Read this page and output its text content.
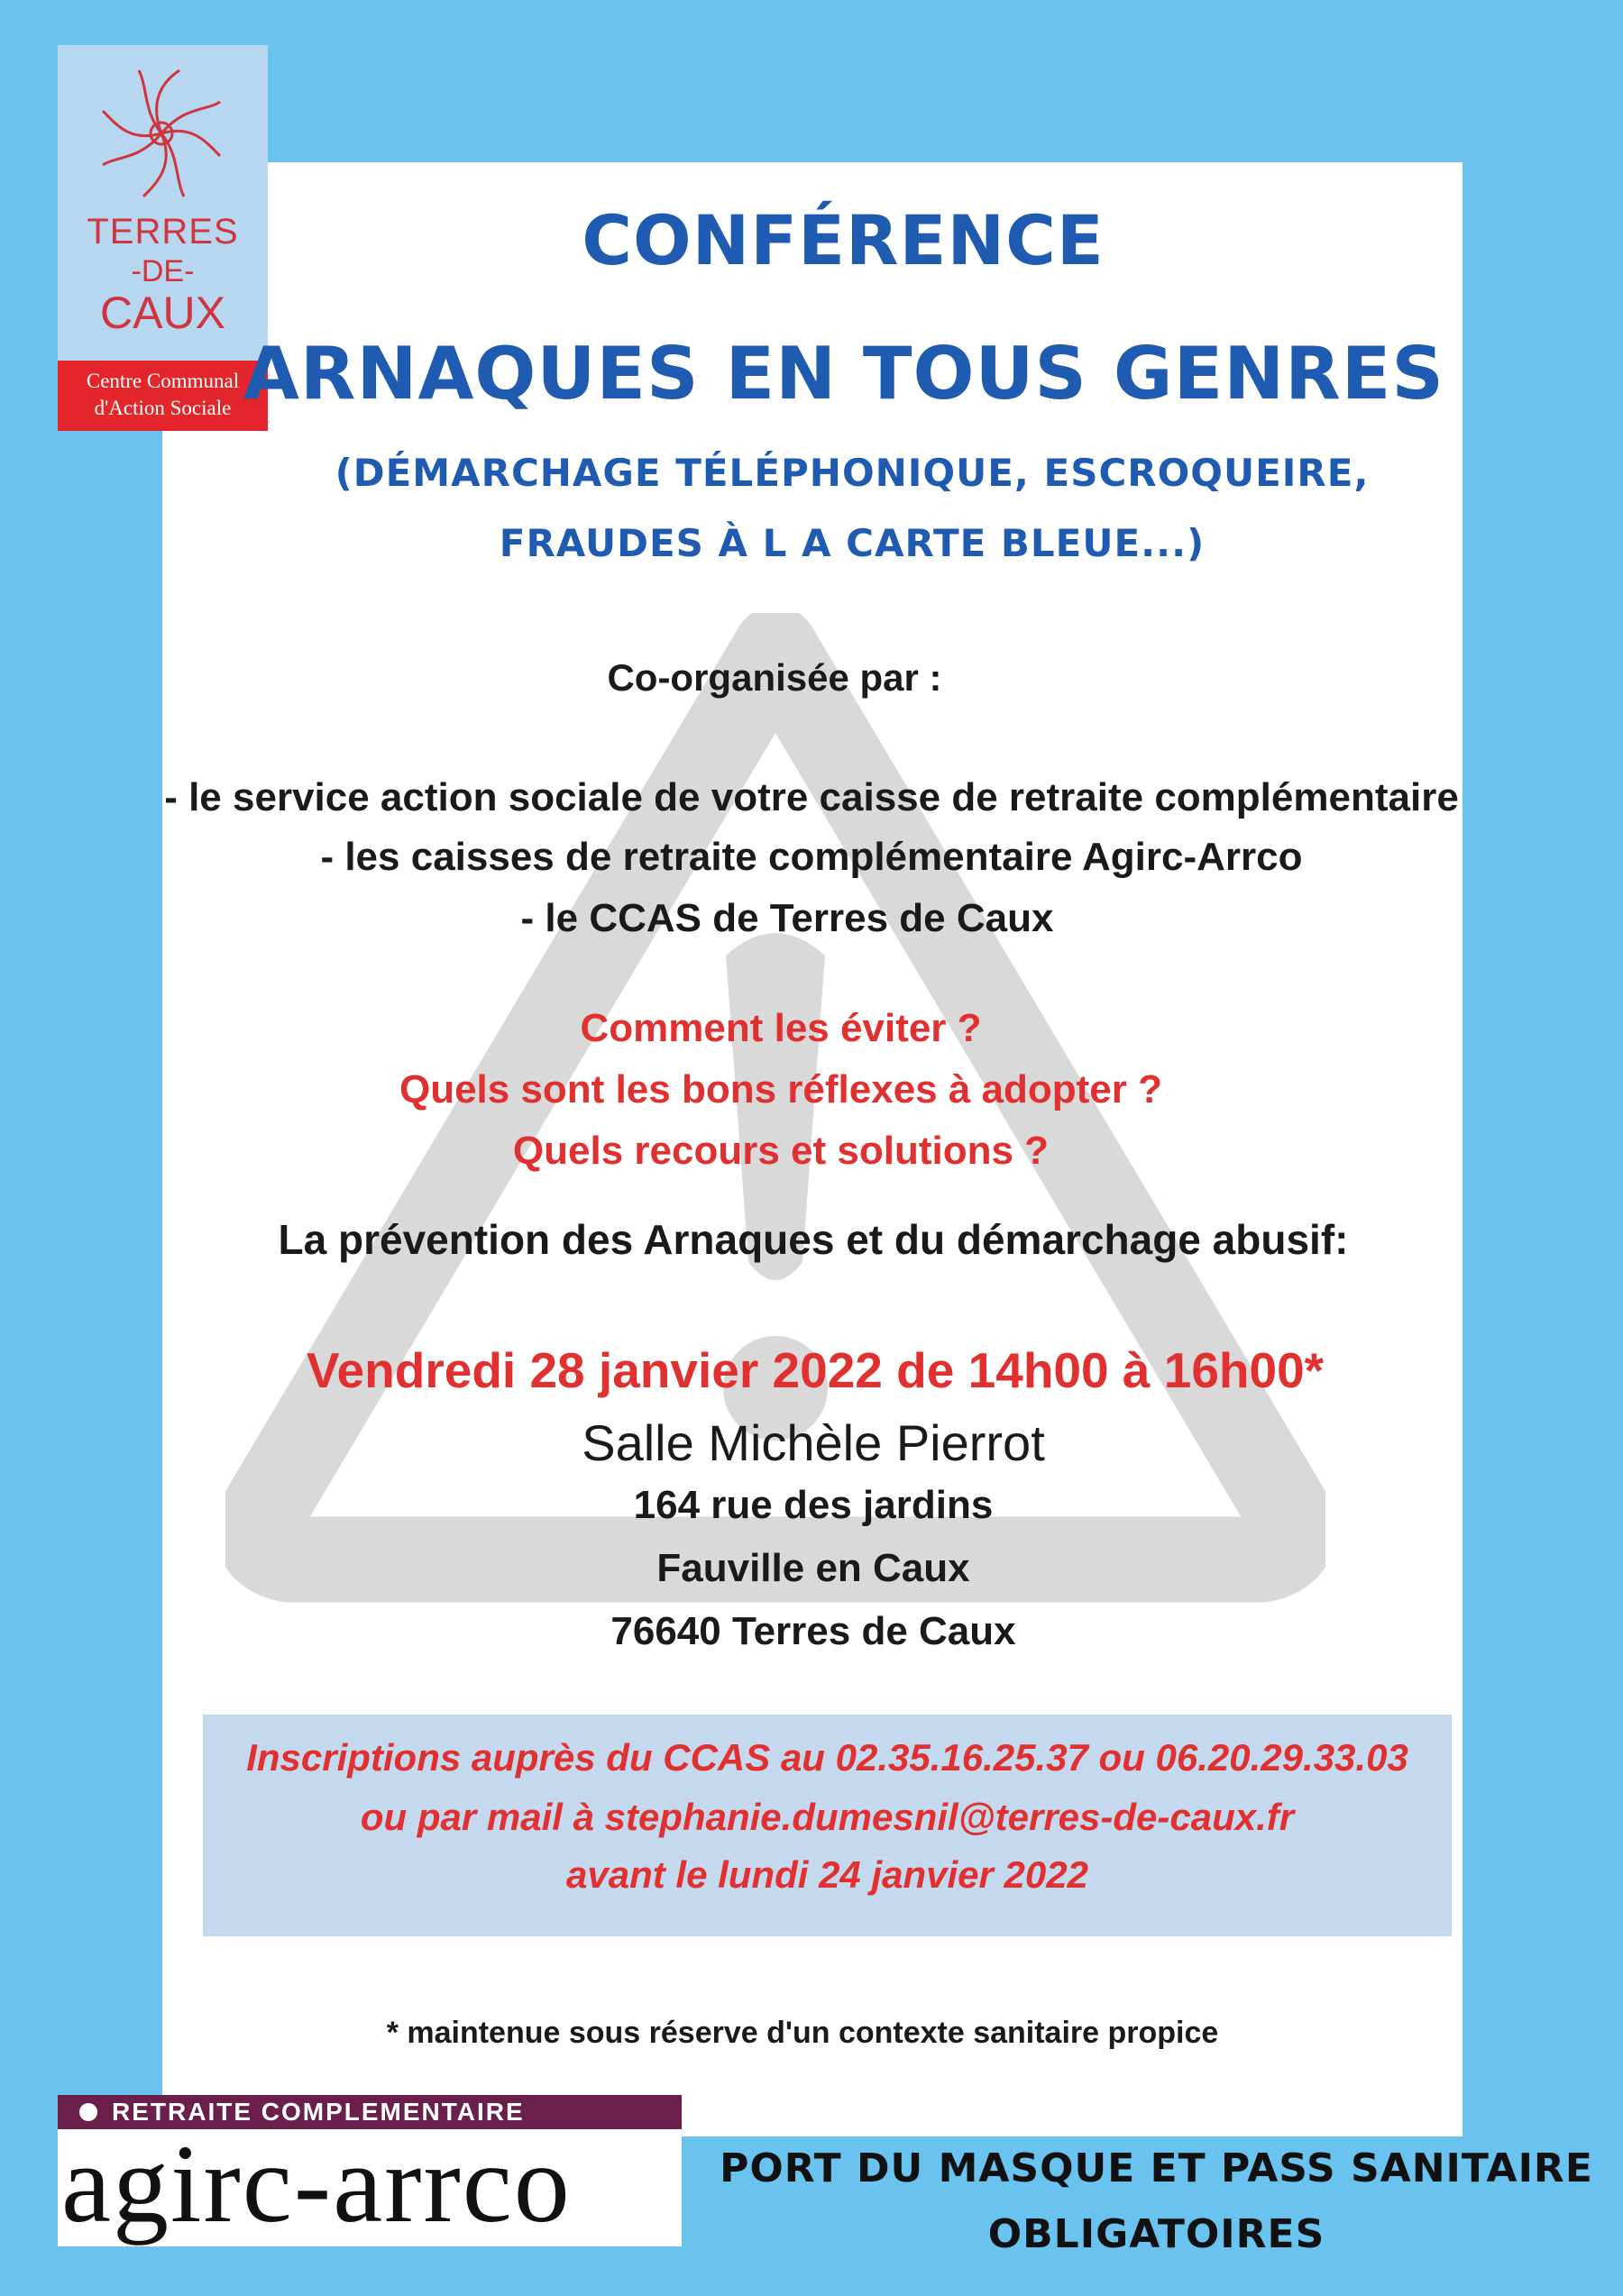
TERRES
-DE-
CAUX
Centre Communal
d'Action Sociale
CONFÉRENCE
ARNAQUES EN TOUS GENRES
(DÉMARCHAGE TÉLÉPHONIQUE, ESCROQUEIRE,
FRAUDES À L A CARTE BLEUE...)
Co-organisée par :
- le service action sociale de votre caisse de retraite complémentaire
- les caisses de retraite complémentaire Agirc-Arrco
- le CCAS de Terres de Caux
Comment les éviter ?
Quels sont les bons réflexes à adopter ?
Quels recours et solutions ?
La prévention des Arnaques et du démarchage abusif:
Vendredi 28 janvier 2022 de 14h00 à 16h00*
Salle Michèle Pierrot
164 rue des jardins
Fauville en Caux
76640 Terres de Caux
Inscriptions auprès du CCAS au 02.35.16.25.37 ou 06.20.29.33.03
ou par mail à stephanie.dumesnil@terres-de-caux.fr
avant le lundi 24 janvier 2022
* maintenue sous réserve d'un contexte sanitaire propice
RETRAITE COMPLEMENTAIRE
agirc-arrco	PORT DU MASQUE ET PASS SANITAIRE
OBLIGATOIRES
